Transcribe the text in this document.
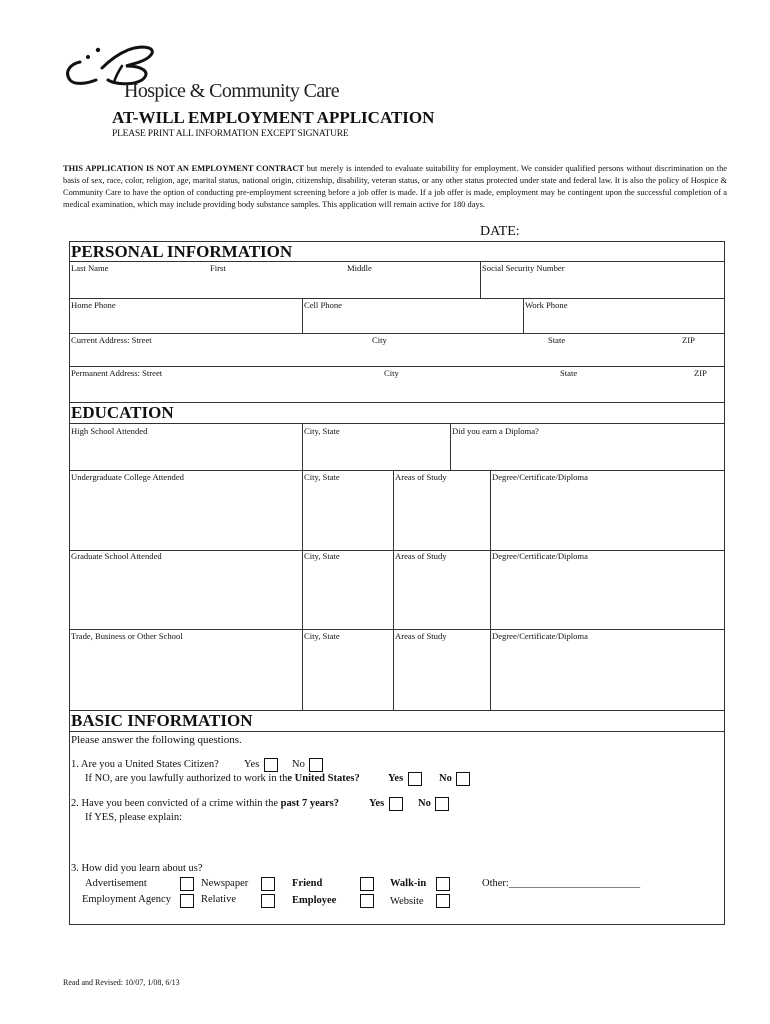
Hospice & Community Care
AT-WILL EMPLOYMENT APPLICATION
PLEASE PRINT ALL INFORMATION EXCEPT SIGNATURE
THIS APPLICATION IS NOT AN EMPLOYMENT CONTRACT but merely is intended to evaluate suitability for employment. We consider qualified persons without discrimination on the basis of sex, race, color, religion, age, marital status, national origin, citizenship, disability, veteran status, or any other status protected under state and federal law. It is also the policy of Hospice & Community Care to have the option of conducting pre-employment screening before a job offer is made. If a job offer is made, employment may be contingent upon the successful completion of a medical examination, which may include providing body substance samples. This application will remain active for 180 days.
DATE:
PERSONAL INFORMATION
Last Name	First	Middle	Social Security Number
Home Phone	Cell Phone	Work Phone
Current Address: Street	City	State	ZIP
Permanent Address: Street	City	State	ZIP
EDUCATION
High School Attended	City, State	Did you earn a Diploma?
Undergraduate College Attended	City, State	Areas of Study	Degree/Certificate/Diploma
Graduate School Attended	City, State	Areas of Study	Degree/Certificate/Diploma
Trade, Business or Other School	City, State	Areas of Study	Degree/Certificate/Diploma
BASIC INFORMATION
Please answer the following questions.
1. Are you a United States Citizen? Yes	No
If NO, are you lawfully authorized to work in the United States?	Yes	No
2. Have you been convicted of a crime within the past 7 years?	Yes	No
If YES, please explain:
3. How did you learn about us?
Advertisement	Newspaper	Friend	Walk-in	Other:_________________________
Employment Agency	Relative	Employee	Website
Read and Revised: 10/07, 1/08, 6/13
